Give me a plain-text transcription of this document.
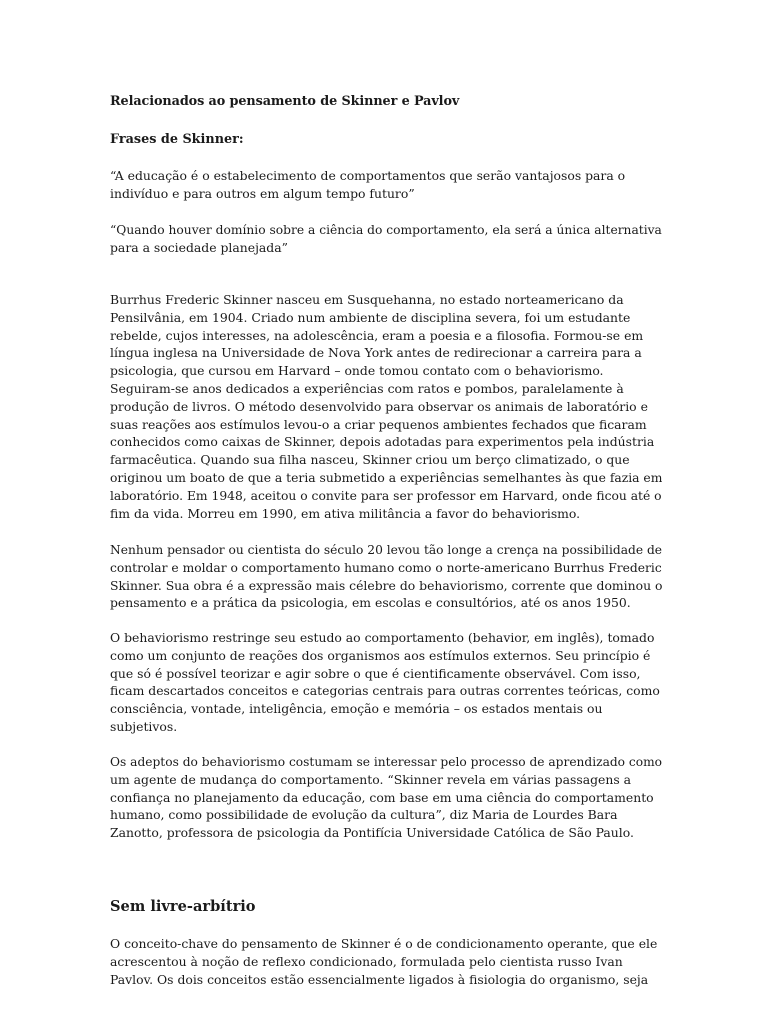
Relacionados ao pensamento de Skinner e Pavlov
Frases de Skinner:

“A educação é o estabelecimento de comportamentos que serão vantajosos para o
indivíduo e para outros em algum tempo futuro”

“Quando houver domínio sobre a ciência do comportamento, ela será a única alternativa
para a sociedade planejada”

Burrhus Frederic Skinner nasceu em Susquehanna, no estado norteamericano da
Pensilvânia, em 1904. Criado num ambiente de disciplina severa, foi um estudante
rebelde, cujos interesses, na adolescência, eram a poesia e a filosofia. Formou-se em
língua inglesa na Universidade de Nova York antes de redirecionar a carreira para a
psicologia, que cursou em Harvard – onde tomou contato com o behaviorismo.
Seguiram-se anos dedicados a experiências com ratos e pombos, paralelamente à
produção de livros. O método desenvolvido para observar os animais de laboratório e
suas reações aos estímulos levou-o a criar pequenos ambientes fechados que ficaram
conhecidos como caixas de Skinner, depois adotadas para experimentos pela indústria
farmacêutica. Quando sua filha nasceu, Skinner criou um berço climatizado, o que
originou um boato de que a teria submetido a experiências semelhantes às que fazia em
laboratório. Em 1948, aceitou o convite para ser professor em Harvard, onde ficou até o
fim da vida. Morreu em 1990, em ativa militância a favor do behaviorismo.

Nenhum pensador ou cientista do século 20 levou tão longe a crença na possibilidade de
controlar e moldar o comportamento humano como o norte-americano Burrhus Frederic
Skinner. Sua obra é a expressão mais célebre do behaviorismo, corrente que dominou o
pensamento e a prática da psicologia, em escolas e consultórios, até os anos 1950.

O behaviorismo restringe seu estudo ao comportamento (behavior, em inglês), tomado
como um conjunto de reações dos organismos aos estímulos externos. Seu princípio é
que só é possível teorizar e agir sobre o que é cientificamente observável. Com isso,
ficam descartados conceitos e categorias centrais para outras correntes teóricas, como
consciência, vontade, inteligência, emoção e memória – os estados mentais ou
subjetivos.

Os adeptos do behaviorismo costumam se interessar pelo processo de aprendizado como
um agente de mudança do comportamento. “Skinner revela em várias passagens a
confiança no planejamento da educação, com base em uma ciência do comportamento
humano, como possibilidade de evolução da cultura”, diz Maria de Lourdes Bara
Zanotto, professora de psicologia da Pontifícia Universidade Católica de São Paulo.

Sem livre-arbítrio

O conceito-chave do pensamento de Skinner é o de condicionamento operante, que ele
acrescentou à noção de reflexo condicionado, formulada pelo cientista russo Ivan
Pavlov. Os dois conceitos estão essencialmente ligados à fisiologia do organismo, seja
